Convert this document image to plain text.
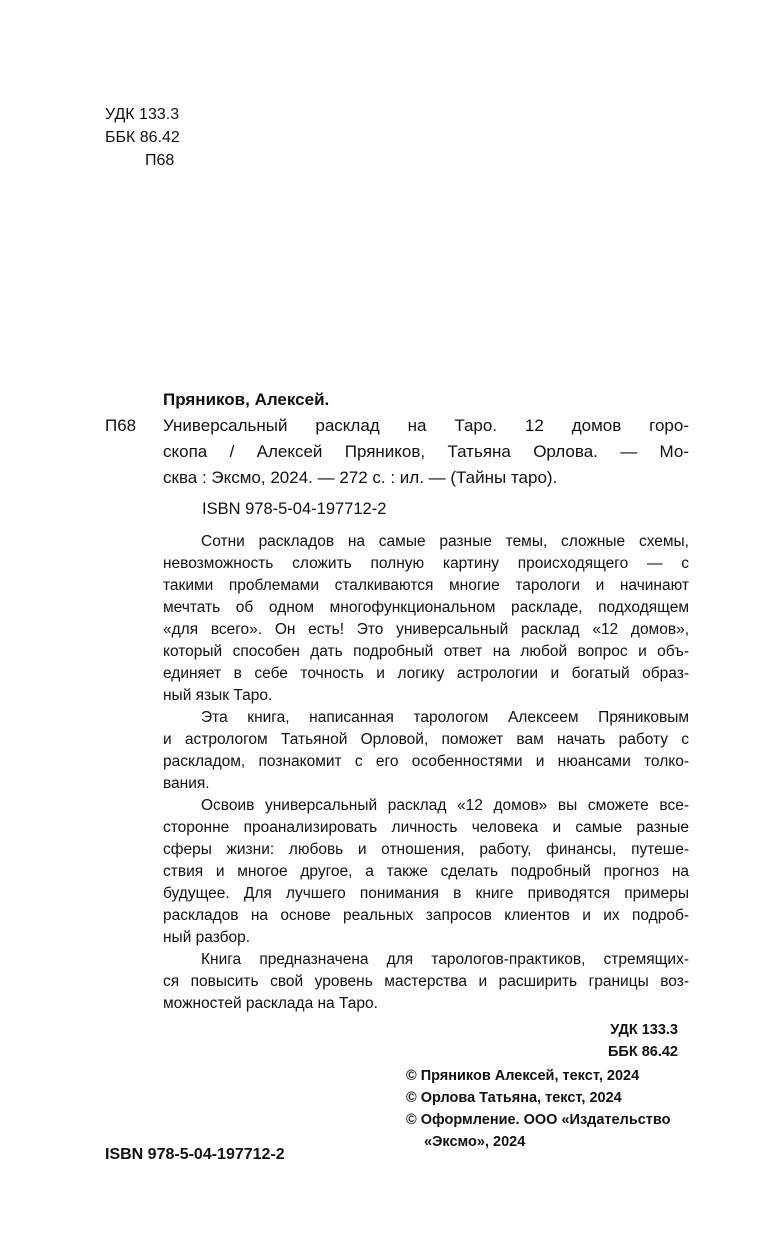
УДК 133.3
ББК 86.42
П68
Пряников, Алексей.
П68 Универсальный расклад на Таро. 12 домов горо-
скопа / Алексей Пряников, Татьяна Орлова. — Мо-
сква : Эксмо, 2024. — 272 с. : ил. — (Тайны таро).
ISBN 978-5-04-197712-2
Сотни раскладов на самые разные темы, сложные схемы,
невозможность сложить полную картину происходящего — с
такими проблемами сталкиваются многие тарологи и начинают
мечтать об одном многофункциональном раскладе, подходящем
«для всего». Он есть! Это универсальный расклад «12 домов»,
который способен дать подробный ответ на любой вопрос и объ-
единяет в себе точность и логику астрологии и богатый образ-
ный язык Таро.
Эта книга, написанная тарологом Алексеем Пряниковым
и астрологом Татьяной Орловой, поможет вам начать работу с
раскладом, познакомит с его особенностями и нюансами толко-
вания.
Освоив универсальный расклад «12 домов» вы сможете все-
сторонне проанализировать личность человека и самые разные
сферы жизни: любовь и отношения, работу, финансы, путеше-
ствия и многое другое, а также сделать подробный прогноз на
будущее. Для лучшего понимания в книге приводятся примеры
раскладов на основе реальных запросов клиентов и их подроб-
ный разбор.
Книга предназначена для тарологов-практиков, стремящих-
ся повысить свой уровень мастерства и расширить границы воз-
можностей расклада на Таро.
УДК 133.3
ББК 86.42
ISBN 978-5-04-197712-2
© Пряников Алексей, текст, 2024
© Орлова Татьяна, текст, 2024
© Оформление. ООО «Издательство
«Эксмо», 2024
